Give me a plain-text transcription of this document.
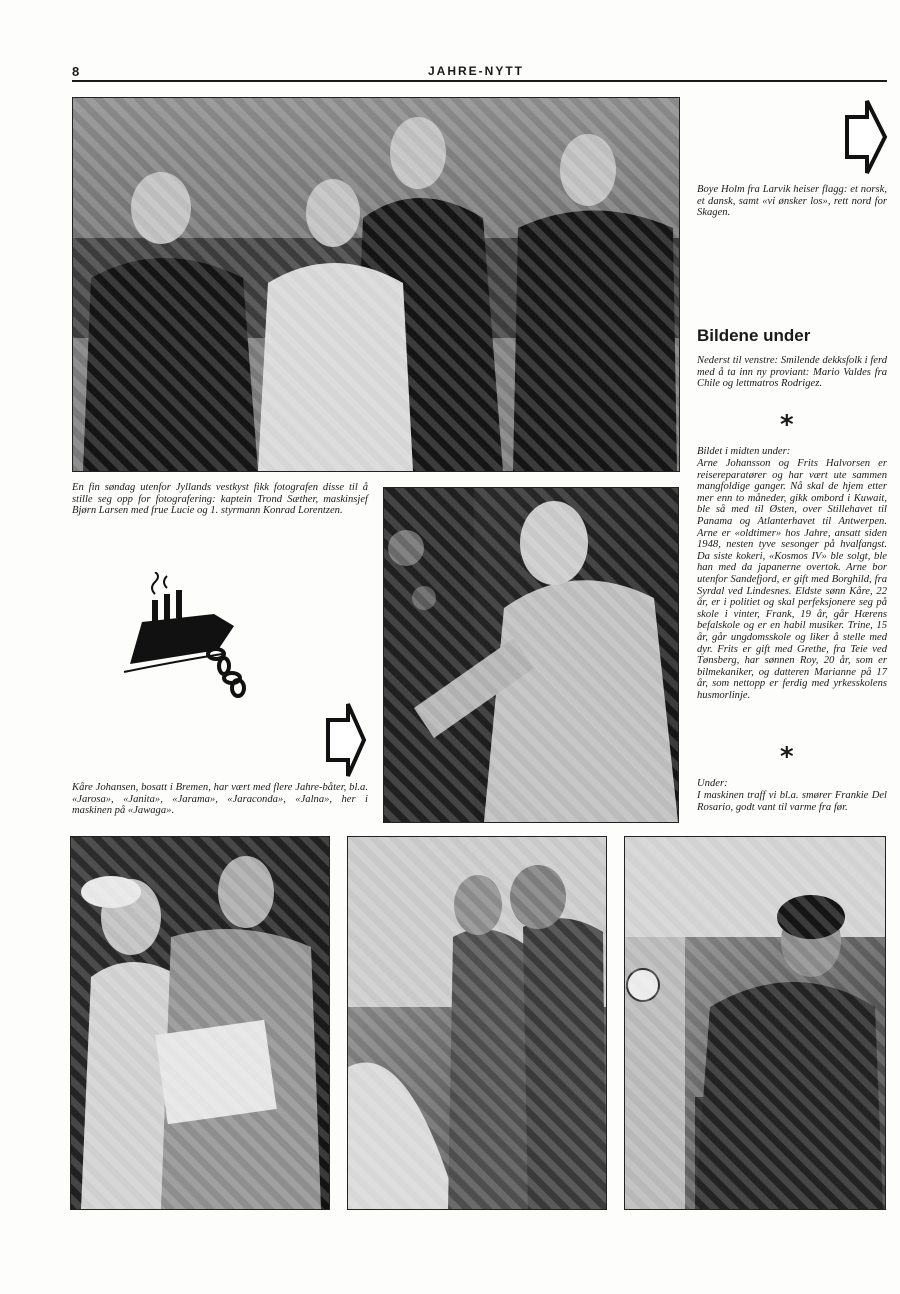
8	JAHRE-NYTT

Boye Holm fra Larvik heiser flagg: et norsk, et dansk, samt «vi ønsker los», rett nord for Skagen.

Bildene under

Nederst til venstre: Smilende dekksfolk i ferd med å ta inn ny proviant: Mario Valdes fra Chile og lettmatros Rodrigez.

*

Bildet i midten under:

Arne Johansson og Frits Halvorsen er reisereparatører og har vært ute sammen mangfoldige ganger. Nå skal de hjem etter mer enn to måneder, gikk ombord i Kuwait, ble så med til Østen, over Stillehavet til Panama og Atlanterhavet til Antwerpen. Arne er «oldtimer» hos Jahre, ansatt siden 1948, nesten tyve sesonger på hvalfangst. Da siste kokeri, «Kosmos IV» ble solgt, ble han med da japanerne overtok. Arne bor utenfor Sandefjord, er gift med Borghild, fra Syrdal ved Lindesnes. Eldste sønn Kåre, 22 år, er i politiet og skal perfeksjonere seg på skole i vinter, Frank, 19 år, går Hærens befalskole og er en habil musiker. Trine, 15 år, går ungdomsskole og liker å stelle med dyr. Frits er gift med Grethe, fra Teie ved Tønsberg, har sønnen Roy, 20 år, som er bilmekaniker, og datteren Marianne på 17 år, som nettopp er ferdig med yrkesskolens husmorlinje.

*

Under:

I maskinen traff vi bl.a. smører Frankie Del Rosario, godt vant til varme fra før.

En fin søndag utenfor Jyllands vestkyst fikk fotografen disse til å stille seg opp for fotografering: kaptein Trond Sæther, maskinsjef Bjørn Larsen med frue Lucie og 1. styrmann Konrad Lorentzen.

Kåre Johansen, bosatt i Bremen, har vært med flere Jahre-båter, bl.a. «Jarosa», «Janita», «Jarama», «Jaraconda», «Jalna», her i maskinen på «Jawaga».
